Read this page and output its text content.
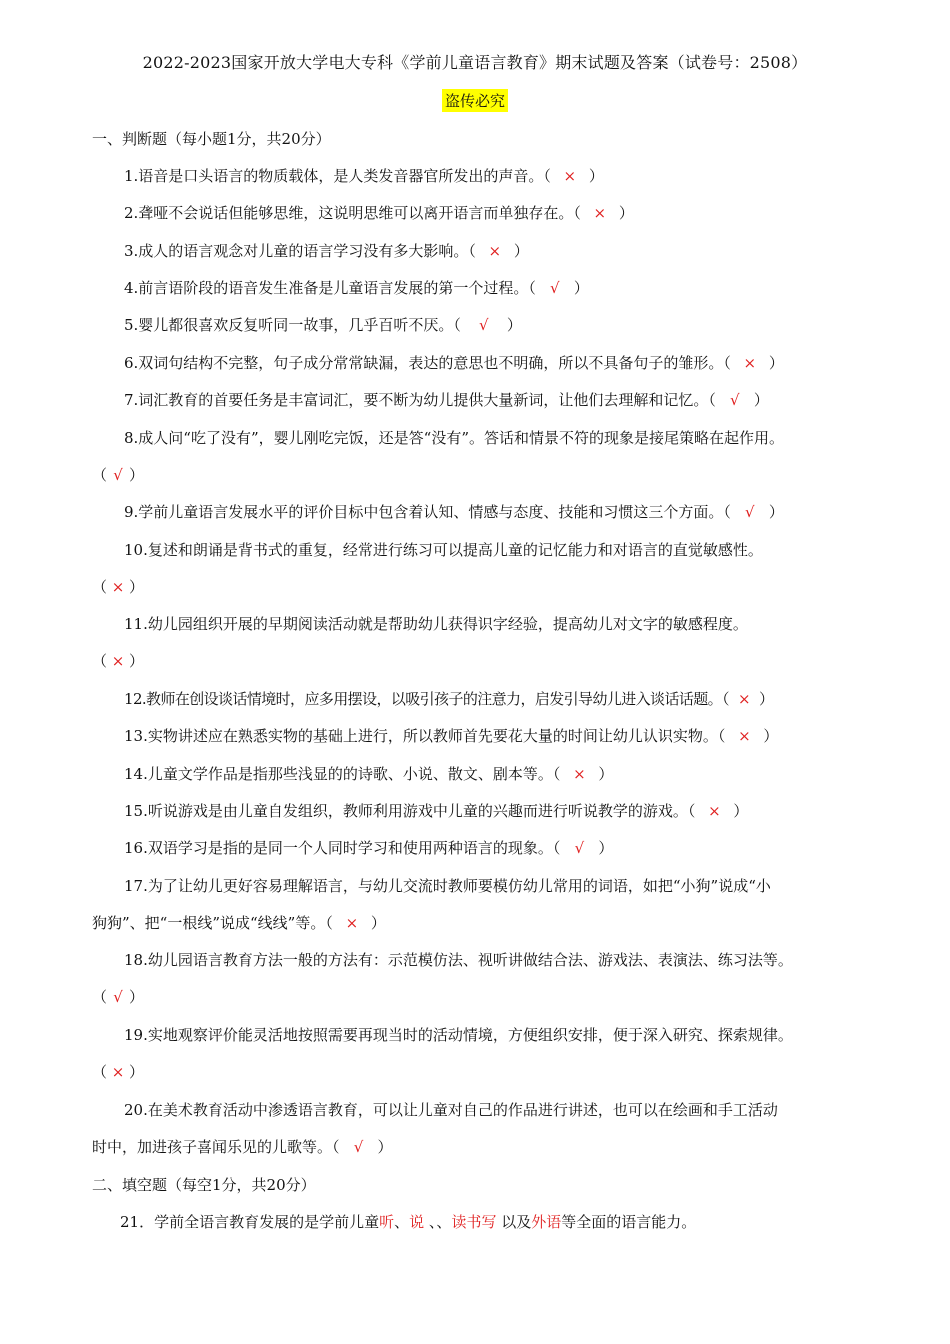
2022-2023国家开放大学电大专科《学前儿童语言教育》期末试题及答案（试卷号：2508）
盗传必究
一、判断题（每小题1分，共20分）
1.语音是口头语言的物质载体，是人类发音器官所发出的声音。（ × ）
2.聋哑不会说话但能够思维，这说明思维可以离开语言而单独存在。（ × ）
3.成人的语言观念对儿童的语言学习没有多大影响。（ × ）
4.前言语阶段的语音发生准备是儿童语言发展的第一个过程。（ √ ）
5.婴儿都很喜欢反复听同一故事，几乎百听不厌。（ √ ）
6.双词句结构不完整，句子成分常常缺漏，表达的意思也不明确，所以不具备句子的雏形。（ × ）
7.词汇教育的首要任务是丰富词汇，要不断为幼儿提供大量新词，让他们去理解和记忆。（ √ ）
8.成人问“吃了没有”，婴儿刚吃完饭，还是答“没有”。答话和情景不符的现象是接尾策略在起作用。
（ √ ）
9.学前儿童语言发展水平的评价目标中包含着认知、情感与态度、技能和习惯这三个方面。（ √ ）
10.复述和朗诵是背书式的重复，经常进行练习可以提高儿童的记忆能力和对语言的直觉敏感性。
（ × ）
11.幼儿园组织开展的早期阅读活动就是帮助幼儿获得识字经验，提高幼儿对文字的敏感程度。
（ × ）
12.教师在创设谈话情境时，应多用摆设，以吸引孩子的注意力，启发引导幼儿进入谈话话题。（ × ）
13.实物讲述应在熟悉实物的基础上进行，所以教师首先要花大量的时间让幼儿认识实物。（ × ）
14.儿童文学作品是指那些浅显的的诗歌、小说、散文、剧本等。（ × ）
15.听说游戏是由儿童自发组织，教师利用游戏中儿童的兴趣而进行听说教学的游戏。（ × ）
16.双语学习是指的是同一个人同时学习和使用两种语言的现象。（ √ ）
17.为了让幼儿更好容易理解语言，与幼儿交流时教师要模仿幼儿常用的词语，如把“小狗”说成“小
狗狗”、把“一根线”说成“线线”等。（ × ）
18.幼儿园语言教育方法一般的方法有：示范模仿法、视听讲做结合法、游戏法、表演法、练习法等。
（ √ ）
19.实地观察评价能灵活地按照需要再现当时的活动情境，方便组织安排，便于深入研究、探索规律。
（ × ）
20.在美术教育活动中渗透语言教育，可以让儿童对自己的作品进行讲述，也可以在绘画和手工活动
时中，加进孩子喜闻乐见的儿歌等。（ √ ）
二、填空题（每空1分，共20分）
21．学前全语言教育发展的是学前儿童听、说 、、读书写 以及外语等全面的语言能力。
